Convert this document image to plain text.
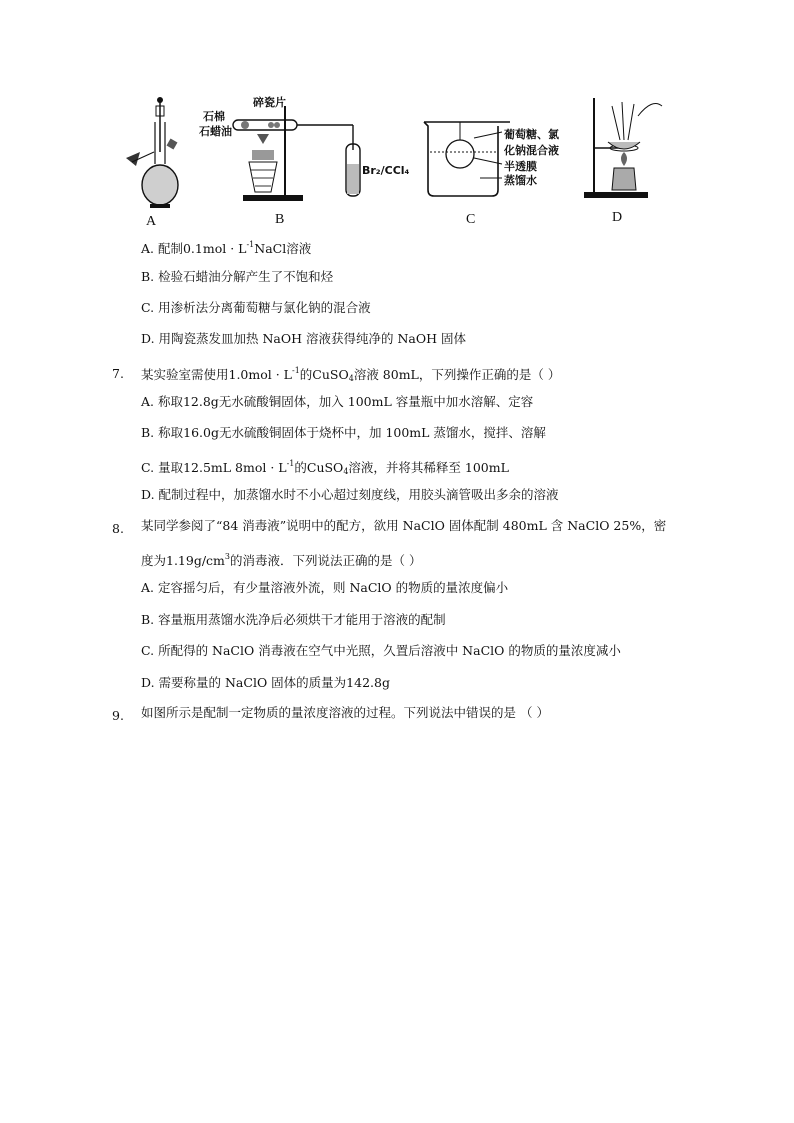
A
石棉
石蜡油
碎瓷片
Br₂/CCl₄
B
葡萄糖、氯
化钠混合液
半透膜
蒸馏水
C	D
A. 配制$0.1mol \cdot L^{-1}NaCl$溶液
B. 检验石蜡油分解产生了不饱和烃
C. 用渗析法分离葡萄糖与氯化钠的混合液
D. 用陶瓷蒸发皿加热 NaOH 溶液获得纯净的 NaOH 固体
7. 某实验室需使用$1.0mol \cdot L^{-1}$的CuSO$_4$溶液 80mL，下列操作正确的是（ ）
A. 称取12.8g无水硫酸铜固体，加入 100mL 容量瓶中加水溶解、定容
B. 称取16.0g无水硫酸铜固体于烧杯中，加 100mL 蒸馏水，搅拌、溶解
C. 量取12.5mL $8mol \cdot L^{-1}$的CuSO$_4$溶液，并将其稀释至 100mL
D. 配制过程中，加蒸馏水时不小心超过刻度线，用胶头滴管吸出多余的溶液
8. 某同学参阅了“84 消毒液”说明中的配方，欲用 NaClO 固体配制 480mL 含 NaClO 25%，密
度为$1.19g/cm^3$的消毒液．下列说法正确的是（ ）
A. 定容摇匀后，有少量溶液外流，则 NaClO 的物质的量浓度偏小
B. 容量瓶用蒸馏水洗净后必须烘干才能用于溶液的配制
C. 所配得的 NaClO 消毒液在空气中光照，久置后溶液中 NaClO 的物质的量浓度减小
D. 需要称量的 NaClO 固体的质量为142.8g
9. 如图所示是配制一定物质的量浓度溶液的过程。下列说法中错误的是 （ ）
